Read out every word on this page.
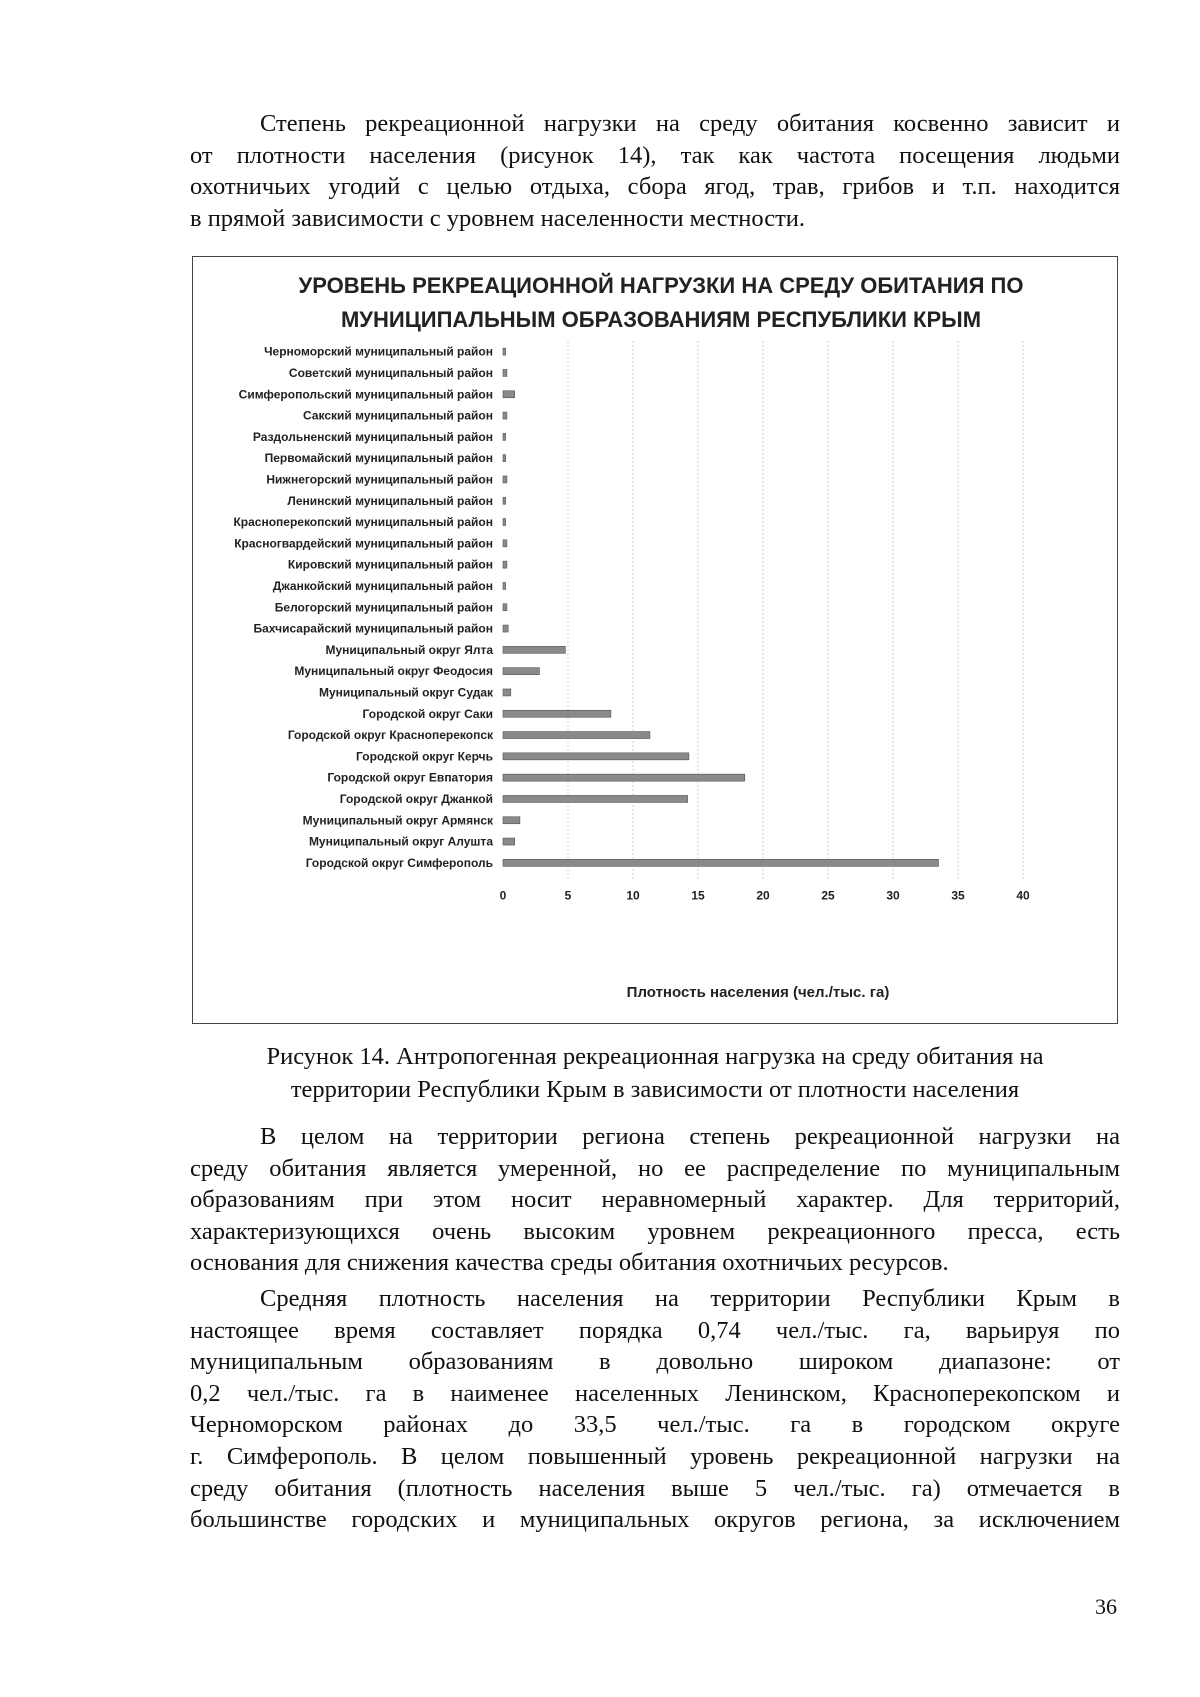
Степень рекреационной нагрузки на среду обитания косвенно зависит и
от плотности населения (рисунок 14), так как частота посещения людьми
охотничьих угодий с целью отдыха, сбора ягод, трав, грибов и т.п. находится
в прямой зависимости с уровнем населенности местности.
УРОВЕНЬ РЕКРЕАЦИОННОЙ НАГРУЗКИ НА СРЕДУ ОБИТАНИЯ ПО
МУНИЦИПАЛЬНЫМ ОБРАЗОВАНИЯМ РЕСПУБЛИКИ КРЫМ
Черноморский муниципальный район
Советский муниципальный район
Симферопольский муниципальный район
Сакский муниципальный район
Раздольненский муниципальный район
Первомайский муниципальный район
Нижнегорский муниципальный район
Ленинский муниципальный район
Красноперекопский муниципальный район
Красногвардейский муниципальный район
Кировский муниципальный район
Джанкойский муниципальный район
Белогорский муниципальный район
Бахчисарайский муниципальный район
Муниципальный округ Ялта
Муниципальный округ Феодосия
Муниципальный округ Судак
Городской округ Саки
Городской округ Красноперекопск
Городской округ Керчь
Городской округ Евпатория
Городской округ Джанкой
Муниципальный округ Армянск
Муниципальный округ Алушта
Городской округ Симферополь
0	5	10	15	20	25	30	35	40
Плотность населения (чел./тыс. га)
Рисунок 14. Антропогенная рекреационная нагрузка на среду обитания на
территории Республики Крым в зависимости от плотности населения
В целом на территории региона степень рекреационной нагрузки на
среду обитания является умеренной, но ее распределение по муниципальным
образованиям при этом носит неравномерный характер. Для территорий,
характеризующихся очень высоким уровнем рекреационного пресса, есть
основания для снижения качества среды обитания охотничьих ресурсов.
Средняя плотность населения на территории Республики Крым в
настоящее время составляет порядка 0,74 чел./тыс. га, варьируя по
муниципальным образованиям в довольно широком диапазоне: от
0,2 чел./тыс. га в наименее населенных Ленинском, Красноперекопском и
Черноморском районах до 33,5 чел./тыс. га в городском округе
г. Симферополь. В целом повышенный уровень рекреационной нагрузки на
среду обитания (плотность населения выше 5 чел./тыс. га) отмечается в
большинстве городских и муниципальных округов региона, за исключением
36
